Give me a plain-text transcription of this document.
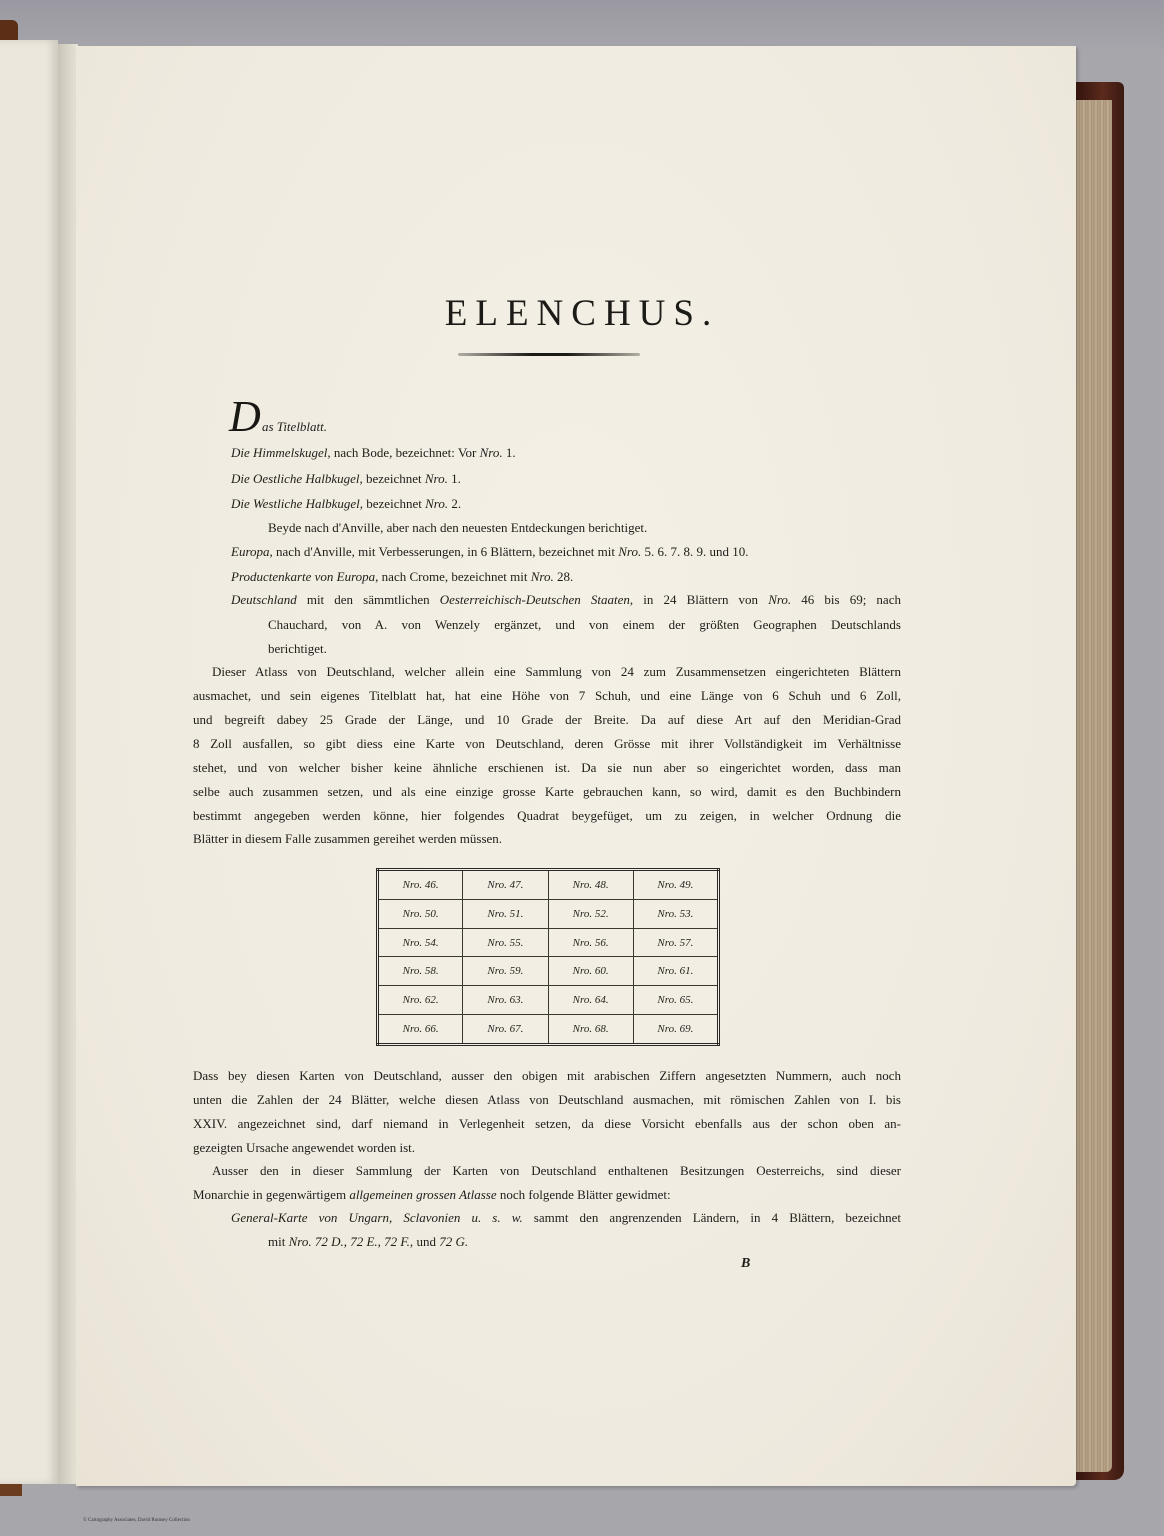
ELENCHUS.
D as Titelblatt.
Die Himmelskugel, nach Bode, bezeichnet: Vor Nro. 1.
Die Oestliche Halbkugel, bezeichnet Nro. 1.
Die Westliche Halbkugel, bezeichnet Nro. 2.
Beyde nach d'Anville, aber nach den neuesten Entdeckungen berichtiget.
Europa, nach d'Anville, mit Verbesserungen, in 6 Blättern, bezeichnet mit Nro. 5. 6. 7. 8. 9. und 10.
Productenkarte von Europa, nach Crome, bezeichnet mit Nro. 28.
Deutschland mit den sämmtlichen Oesterreichisch-Deutschen Staaten, in 24 Blättern von Nro. 46 bis 69; nach
Chauchard, von A. von Wenzely ergänzet, und von einem der größten Geographen Deutschlands
berichtiget.
Dieser Atlass von Deutschland, welcher allein eine Sammlung von 24 zum Zusammensetzen eingerichteten Blättern
ausmachet, und sein eigenes Titelblatt hat, hat eine Höhe von 7 Schuh, und eine Länge von 6 Schuh und 6 Zoll,
und begreift dabey 25 Grade der Länge, und 10 Grade der Breite. Da auf diese Art auf den Meridian-Grad
8 Zoll ausfallen, so gibt diess eine Karte von Deutschland, deren Grösse mit ihrer Vollständigkeit im Verhältnisse
stehet, und von welcher bisher keine ähnliche erschienen ist. Da sie nun aber so eingerichtet worden, dass man
selbe auch zusammen setzen, und als eine einzige grosse Karte gebrauchen kann, so wird, damit es den Buchbindern
bestimmt angegeben werden könne, hier folgendes Quadrat beygefüget, um zu zeigen, in welcher Ordnung die
Blätter in diesem Falle zusammen gereihet werden müssen.
Nro. 46.	Nro. 47.	Nro. 48.	Nro. 49.
Nro. 50.	Nro. 51.	Nro. 52.	Nro. 53.
Nro. 54.	Nro. 55.	Nro. 56.	Nro. 57.
Nro. 58.	Nro. 59.	Nro. 60.	Nro. 61.
Nro. 62.	Nro. 63.	Nro. 64.	Nro. 65.
Nro. 66.	Nro. 67.	Nro. 68.	Nro. 69.
Dass bey diesen Karten von Deutschland, ausser den obigen mit arabischen Ziffern angesetzten Nummern, auch noch
unten die Zahlen der 24 Blätter, welche diesen Atlass von Deutschland ausmachen, mit römischen Zahlen von I. bis
XXIV. angezeichnet sind, darf niemand in Verlegenheit setzen, da diese Vorsicht ebenfalls aus der schon oben an-
gezeigten Ursache angewendet worden ist.
Ausser den in dieser Sammlung der Karten von Deutschland enthaltenen Besitzungen Oesterreichs, sind dieser
Monarchie in gegenwärtigem allgemeinen grossen Atlasse noch folgende Blätter gewidmet:
General-Karte von Ungarn, Sclavonien u. s. w. sammt den angrenzenden Ländern, in 4 Blättern, bezeichnet
mit Nro. 72 D., 72 E., 72 F., und 72 G.
B
© Cartography Associates, David Rumsey Collection
